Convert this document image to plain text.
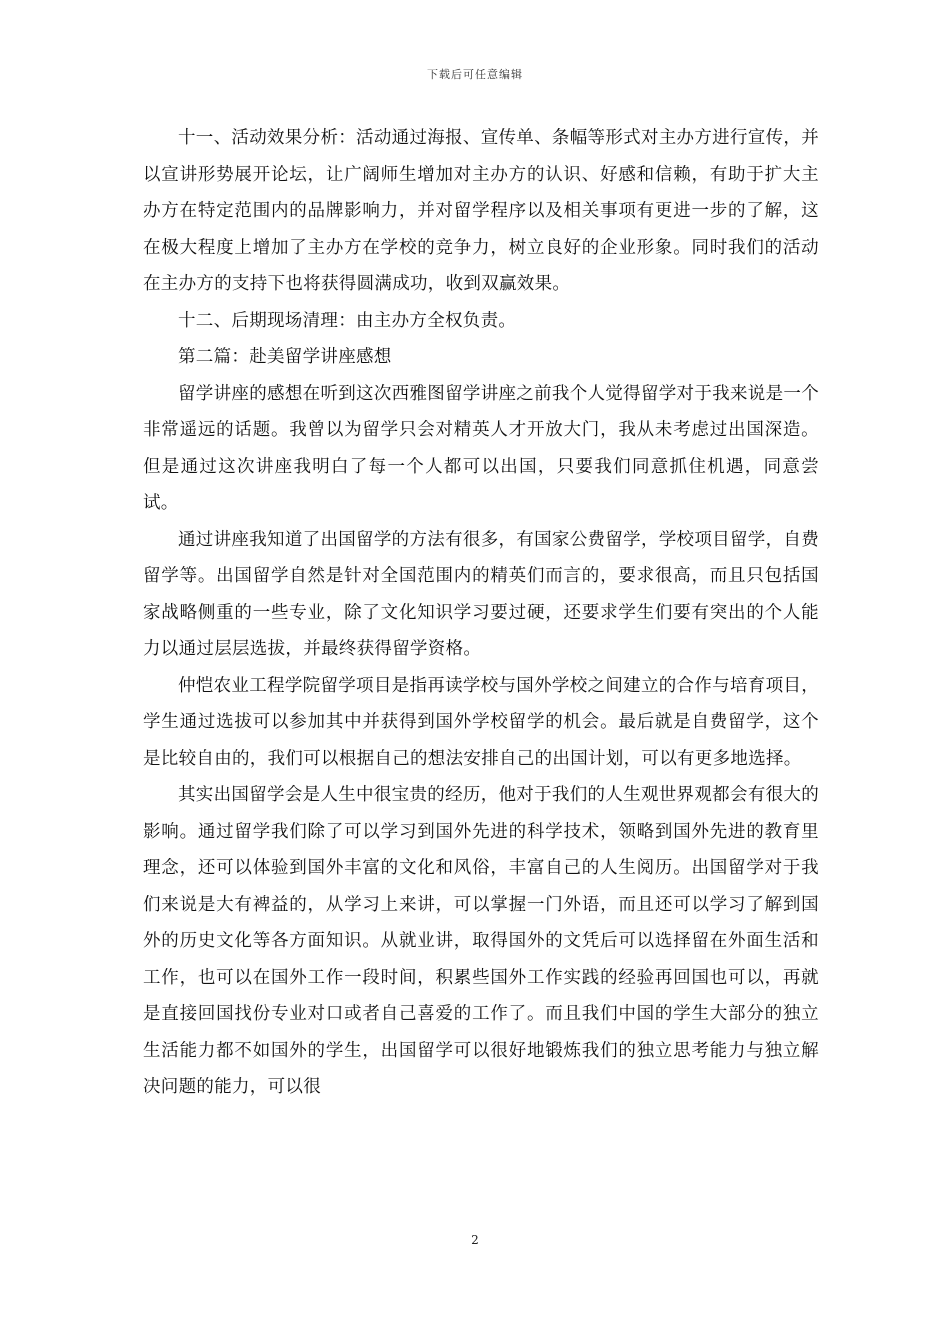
下载后可任意编辑

十一、活动效果分析：活动通过海报、宣传单、条幅等形式对主办方进行宣传，并以宣讲形势展开论坛，让广阔师生增加对主办方的认识、好感和信赖，有助于扩大主办方在特定范围内的品牌影响力，并对留学程序以及相关事项有更进一步的了解，这在极大程度上增加了主办方在学校的竞争力，树立良好的企业形象。同时我们的活动在主办方的支持下也将获得圆满成功，收到双赢效果。

十二、后期现场清理：由主办方全权负责。

第二篇：赴美留学讲座感想

留学讲座的感想在听到这次西雅图留学讲座之前我个人觉得留学对于我来说是一个非常遥远的话题。我曾以为留学只会对精英人才开放大门，我从未考虑过出国深造。但是通过这次讲座我明白了每一个人都可以出国，只要我们同意抓住机遇，同意尝试。

通过讲座我知道了出国留学的方法有很多，有国家公费留学，学校项目留学，自费留学等。出国留学自然是针对全国范围内的精英们而言的，要求很高，而且只包括国家战略侧重的一些专业，除了文化知识学习要过硬，还要求学生们要有突出的个人能力以通过层层选拔，并最终获得留学资格。

仲恺农业工程学院留学项目是指再读学校与国外学校之间建立的合作与培育项目，学生通过选拔可以参加其中并获得到国外学校留学的机会。最后就是自费留学，这个是比较自由的，我们可以根据自己的想法安排自己的出国计划，可以有更多地选择。

其实出国留学会是人生中很宝贵的经历，他对于我们的人生观世界观都会有很大的影响。通过留学我们除了可以学习到国外先进的科学技术，领略到国外先进的教育里理念，还可以体验到国外丰富的文化和风俗，丰富自己的人生阅历。出国留学对于我们来说是大有裨益的，从学习上来讲，可以掌握一门外语，而且还可以学习了解到国外的历史文化等各方面知识。从就业讲，取得国外的文凭后可以选择留在外面生活和工作，也可以在国外工作一段时间，积累些国外工作实践的经验再回国也可以，再就是直接回国找份专业对口或者自己喜爱的工作了。而且我们中国的学生大部分的独立生活能力都不如国外的学生，出国留学可以很好地锻炼我们的独立思考能力与独立解决问题的能力，可以很

2
